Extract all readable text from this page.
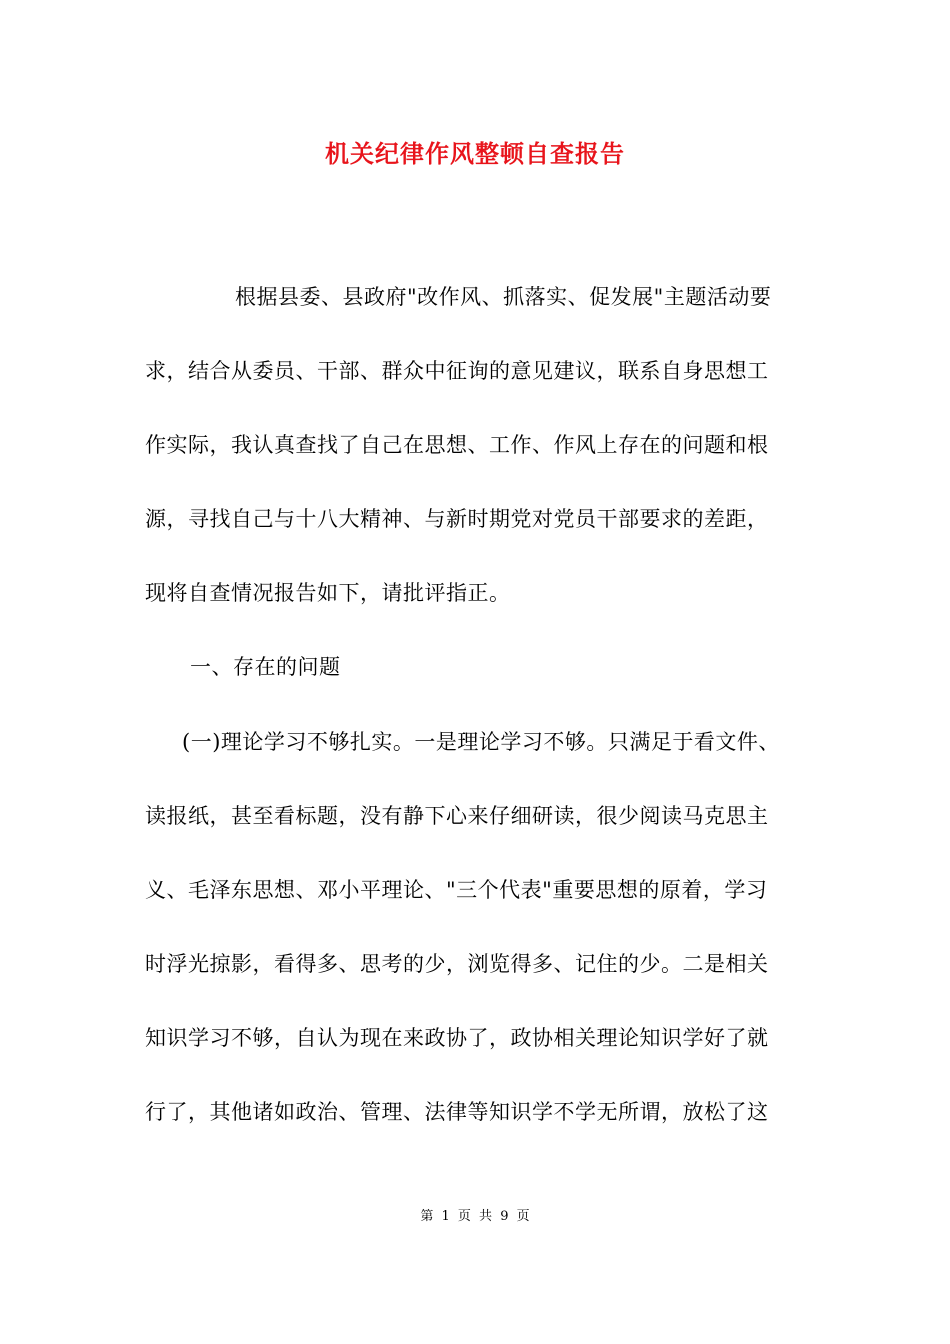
机关纪律作风整顿自查报告
根据县委、县政府"改作风、抓落实、促发展"主题活动要
求，结合从委员、干部、群众中征询的意见建议，联系自身思想工
作实际，我认真查找了自己在思想、工作、作风上存在的问题和根
源，寻找自己与十八大精神、与新时期党对党员干部要求的差距，
现将自查情况报告如下，请批评指正。
一、存在的问题
(一)理论学习不够扎实。一是理论学习不够。只满足于看文件、
读报纸，甚至看标题，没有静下心来仔细研读，很少阅读马克思主
义、毛泽东思想、邓小平理论、"三个代表"重要思想的原着，学习
时浮光掠影，看得多、思考的少，浏览得多、记住的少。二是相关
知识学习不够，自认为现在来政协了，政协相关理论知识学好了就
行了，其他诸如政治、管理、法律等知识学不学无所谓，放松了这
第 1 页 共 9 页
